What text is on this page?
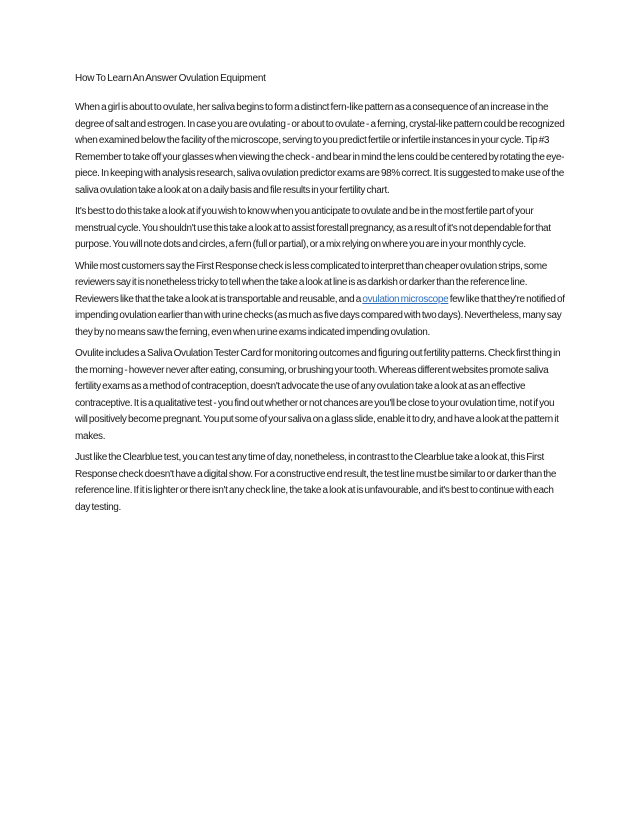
How To Learn An Answer Ovulation Equipment

When a girl is about to ovulate, her saliva begins to form a distinct fern-like pattern as a consequence of an increase in the degree of salt and estrogen. In case you are ovulating - or about to ovulate - a ferning, crystal-like pattern could be recognized when examined below the facility of the microscope, serving to you predict fertile or infertile instances in your cycle. Tip #3 Remember to take off your glasses when viewing the check - and bear in mind the lens could be centered by rotating the eye-piece. In keeping with analysis research, saliva ovulation predictor exams are 98% correct. It is suggested to make use of the saliva ovulation take a look at on a daily basis and file results in your fertility chart.

It's best to do this take a look at if you wish to know when you anticipate to ovulate and be in the most fertile part of your menstrual cycle. You shouldn't use this take a look at to assist forestall pregnancy, as a result of it's not dependable for that purpose. You will note dots and circles, a fern (full or partial), or a mix relying on where you are in your monthly cycle.

While most customers say the First Response check is less complicated to interpret than cheaper ovulation strips, some reviewers say it is nonetheless tricky to tell when the take a look at line is as darkish or darker than the reference line. Reviewers like that the take a look at is transportable and reusable, and a ovulation microscope few like that they're notified of impending ovulation earlier than with urine checks (as much as five days compared with two days). Nevertheless, many say they by no means saw the ferning, even when urine exams indicated impending ovulation.

Ovulite includes a Saliva Ovulation Tester Card for monitoring outcomes and figuring out fertility patterns. Check first thing in the morning - however never after eating, consuming, or brushing your tooth. Whereas different websites promote saliva fertility exams as a method of contraception, doesn't advocate the use of any ovulation take a look at as an effective contraceptive. It is a qualitative test - you find out whether or not chances are you'll be close to your ovulation time, not if you will positively become pregnant. You put some of your saliva on a glass slide, enable it to dry, and have a look at the pattern it makes.

Just like the Clearblue test, you can test any time of day, nonetheless, in contrast to the Clearblue take a look at, this First Response check doesn't have a digital show. For a constructive end result, the test line must be similar to or darker than the reference line. If it is lighter or there isn't any check line, the take a look at is unfavourable, and it's best to continue with each day testing.
